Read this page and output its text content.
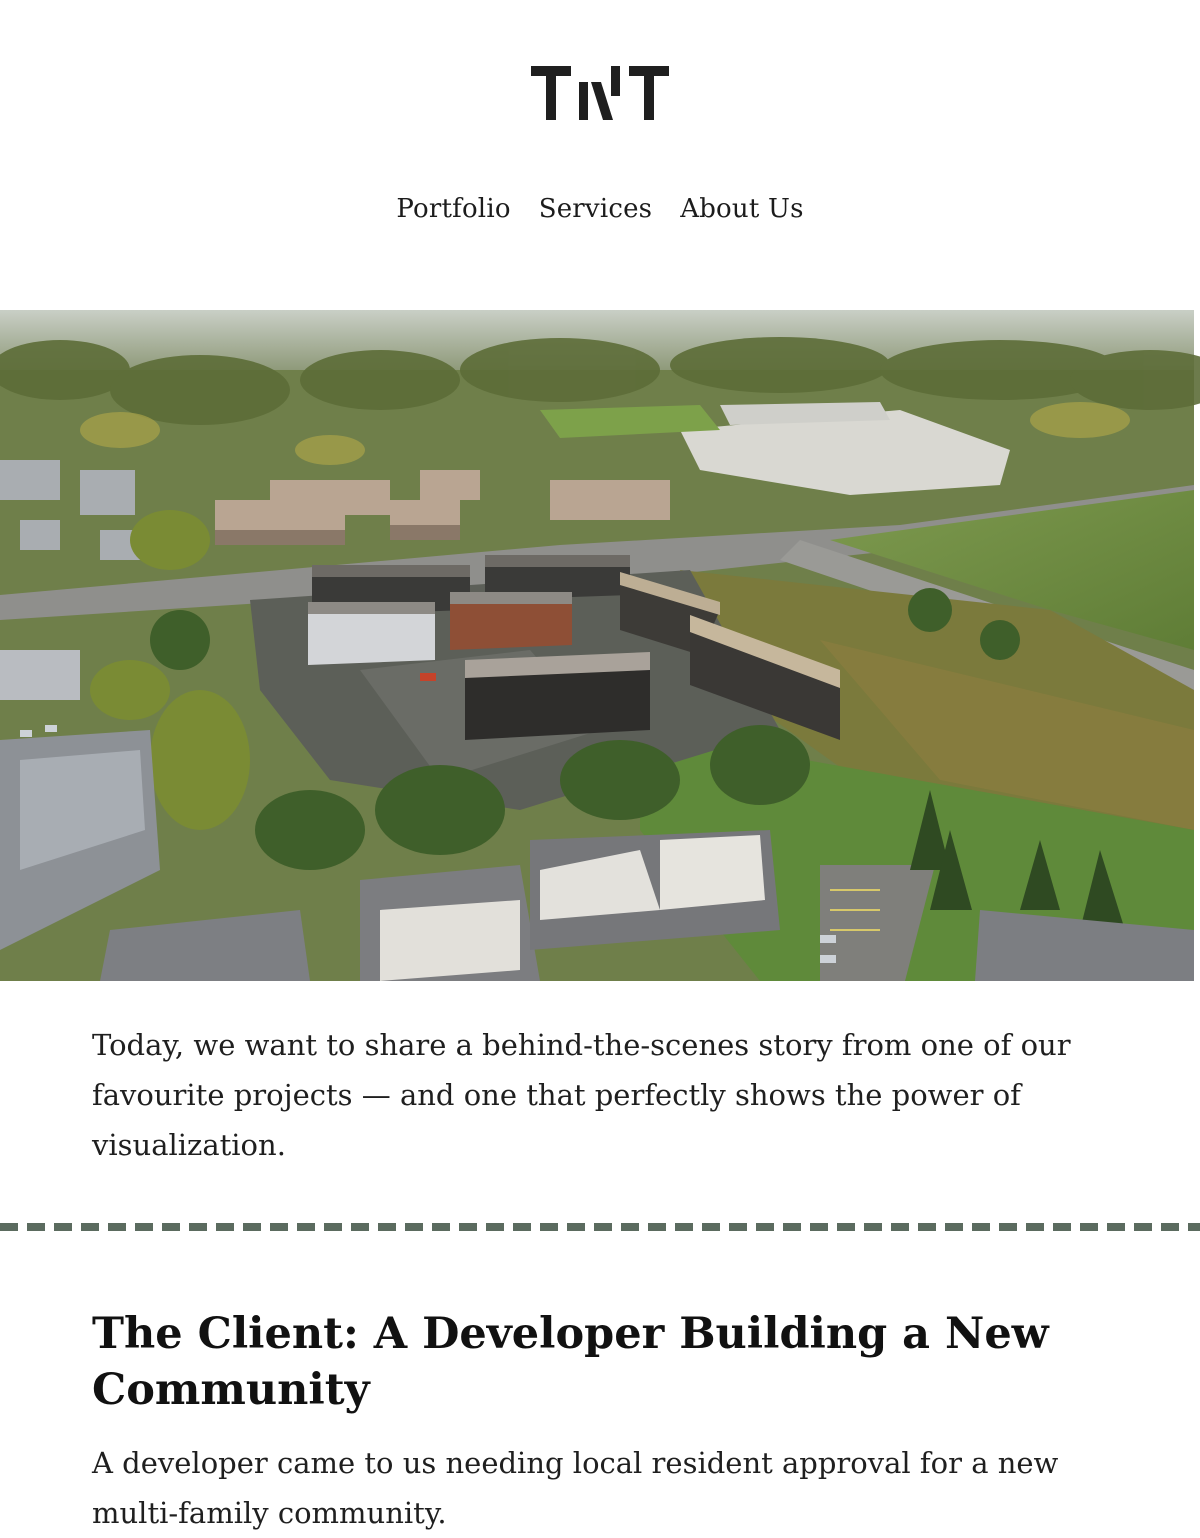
Portfolio Services About Us

Today, we want to share a behind-the-scenes story from one of our favourite projects — and one that perfectly shows the power of visualization.

The Client: A Developer Building a New Community

A developer came to us needing local resident approval for a new multi-family community.
